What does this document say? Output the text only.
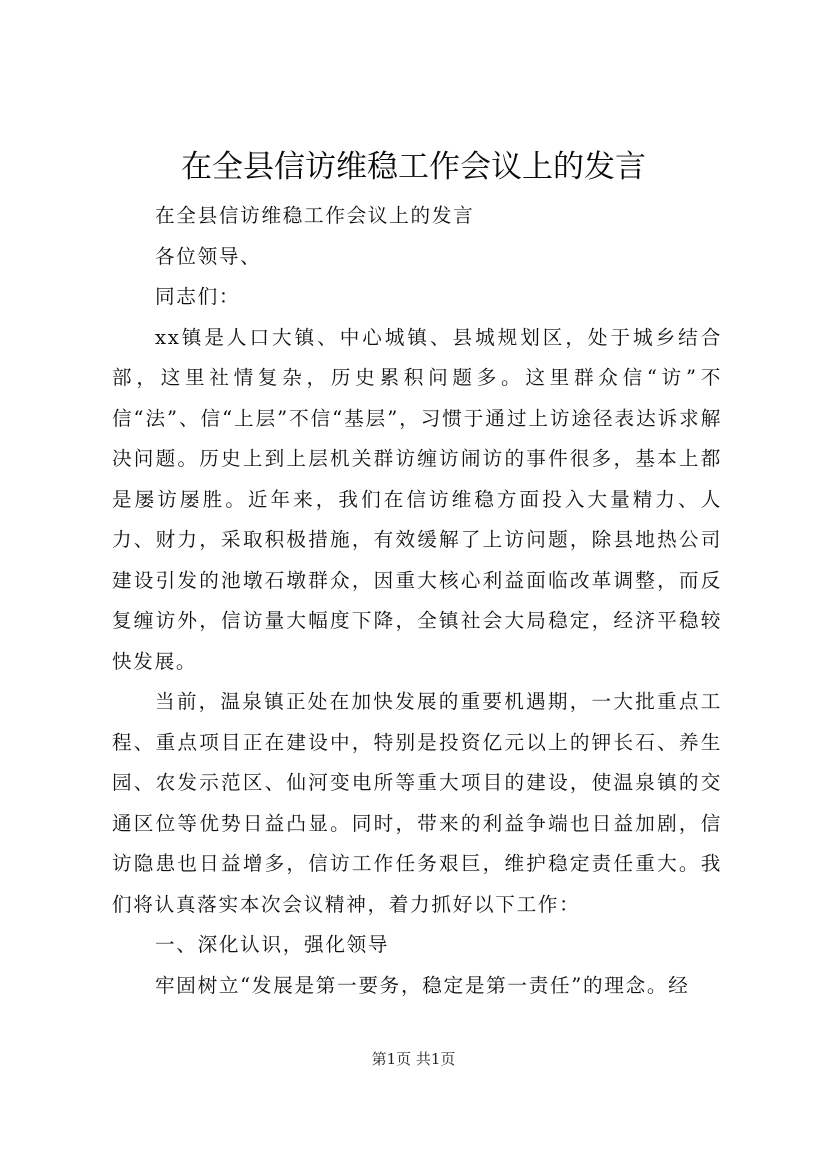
在全县信访维稳工作会议上的发言

在全县信访维稳工作会议上的发言

各位领导、

同志们：

xx镇是人口大镇、中心城镇、县城规划区，处于城乡结合部，这里社情复杂，历史累积问题多。这里群众信“访”不信“法”、信“上层”不信“基层”，习惯于通过上访途径表达诉求解决问题。历史上到上层机关群访缠访闹访的事件很多，基本上都是屡访屡胜。近年来，我们在信访维稳方面投入大量精力、人力、财力，采取积极措施，有效缓解了上访问题，除县地热公司建设引发的池墩石墩群众，因重大核心利益面临改革调整，而反复缠访外，信访量大幅度下降，全镇社会大局稳定，经济平稳较快发展。

当前，温泉镇正处在加快发展的重要机遇期，一大批重点工程、重点项目正在建设中，特别是投资亿元以上的钾长石、养生园、农发示范区、仙河变电所等重大项目的建设，使温泉镇的交通区位等优势日益凸显。同时，带来的利益争端也日益加剧，信访隐患也日益增多，信访工作任务艰巨，维护稳定责任重大。我们将认真落实本次会议精神，着力抓好以下工作：

一、深化认识，强化领导

牢固树立“发展是第一要务，稳定是第一责任”的理念。经

第1页 共1页
